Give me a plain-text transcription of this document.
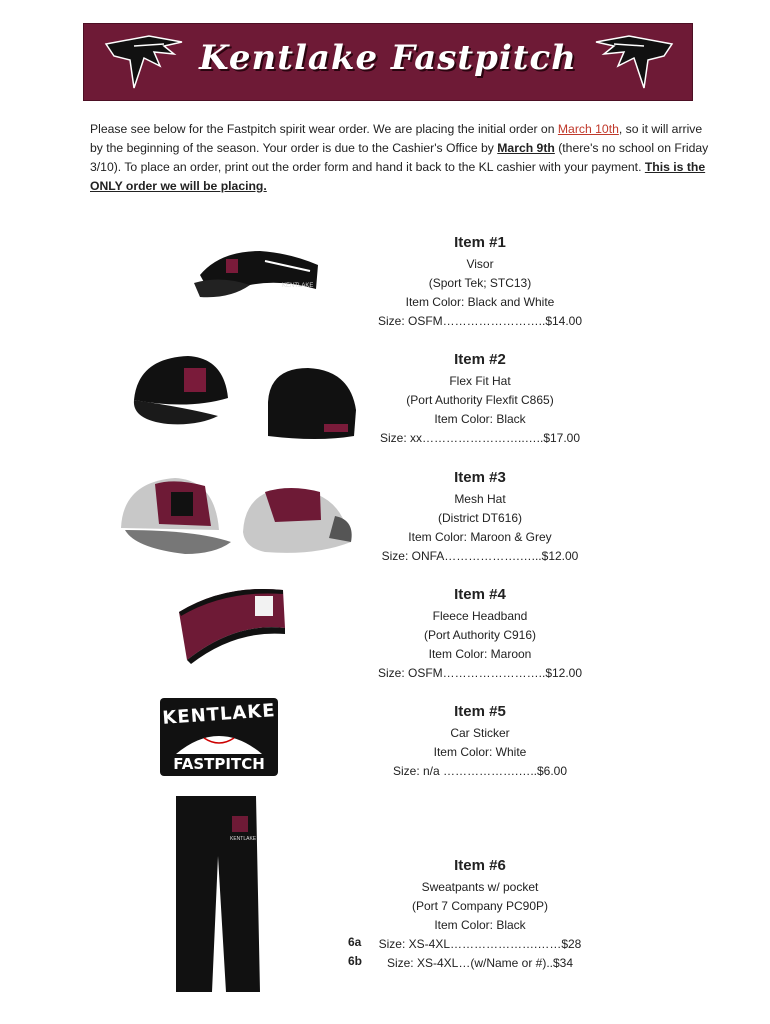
Kentlake Fastpitch
Please see below for the Fastpitch spirit wear order. We are placing the initial order on March 10th, so it will arrive by the beginning of the season. Your order is due to the Cashier's Office by March 9th (there's no school on Friday 3/10). To place an order, print out the order form and hand it back to the KL cashier with your payment. This is the ONLY order we will be placing.
KENTLAKE
Item #1
Visor
(Sport Tek; STC13)
Item Color: Black and White
Size: OSFM……………………..$14.00
Item #2
Flex Fit Hat
(Port Authority Flexfit C865)
Item Color: Black
Size: xx……………………..…..$17.00
Item #3
Mesh Hat
(District DT616)
Item Color: Maroon & Grey
Size: ONFA……………….…...$12.00
Item #4
Fleece Headband
(Port Authority C916)
Item Color: Maroon
Size: OSFM……………………..$12.00
KENTLAKE
FASTPITCH
Item #5
Car Sticker
Item Color: White
Size: n/a ……………….…..$6.00
KENTLAKE
Item #6
Sweatpants w/ pocket
(Port 7 Company PC90P)
Item Color: Black
Size: XS-4XL………………….……$28
Size: XS-4XL…(w/Name or #)..$34
6a
6b
